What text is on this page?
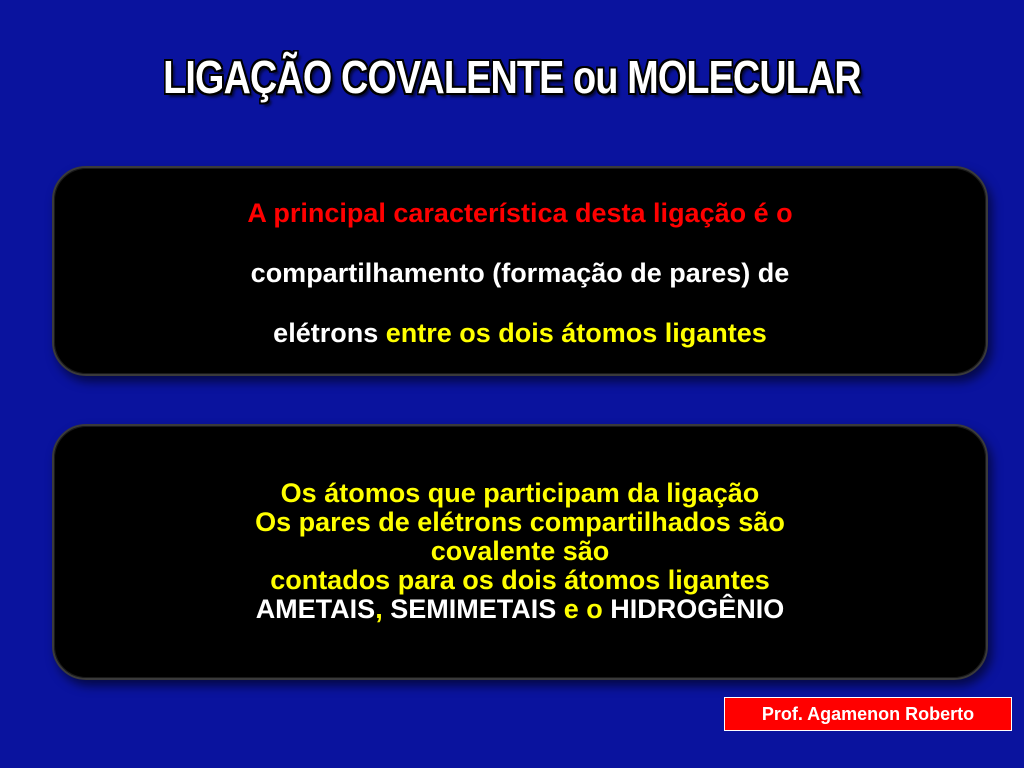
LIGAÇÃO COVALENTE ou MOLECULAR
A principal característica desta ligação é o
compartilhamento (formação de pares) de
elétrons entre os dois átomos ligantes
Os átomos que participam da ligação
Os pares de elétrons compartilhados são
covalente são
contados para os dois átomos ligantes
AMETAIS, SEMIMETAIS e o HIDROGÊNIO
Prof. Agamenon Roberto
